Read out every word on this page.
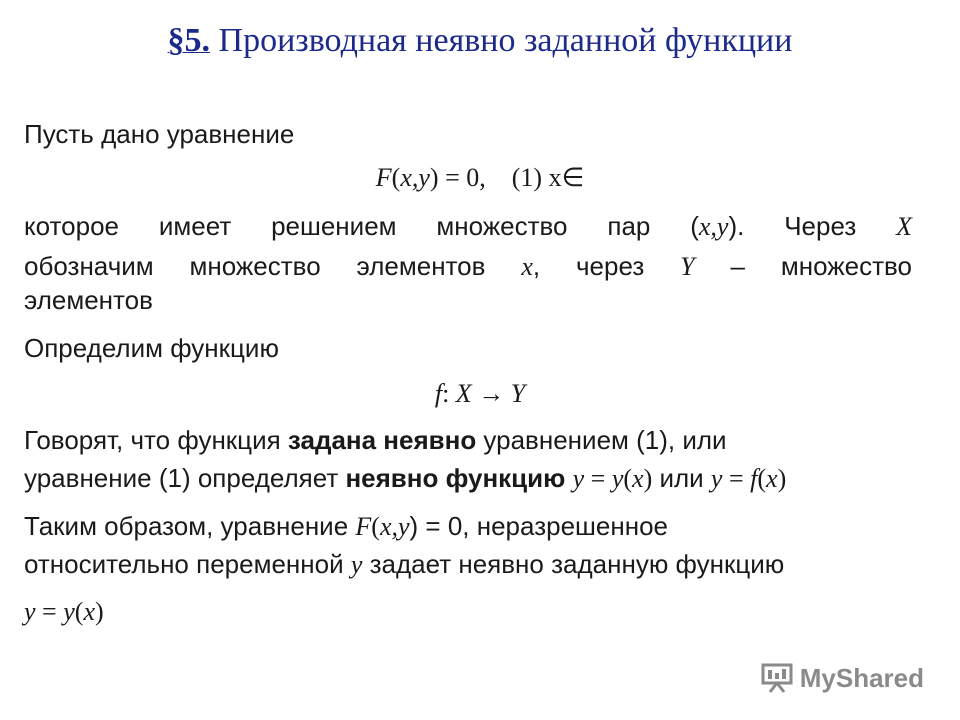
§5. Производная неявно заданной функции
Пусть дано уравнение
F(x,y) = 0,    (1) x∈
которое имеет решением множество пар (x,y). Через X
обозначим множество элементов x, через Y – множество
элементов
Определим функцию
f: X → Y
Говорят, что функция задана неявно уравнением (1), или
уравнение (1) определяет неявно функцию y = y(x) или y = f(x)
Таким образом, уравнение F(x,y) = 0, неразрешенное
относительно переменной y задает неявно заданную функцию
y = y(x)
MyShared
